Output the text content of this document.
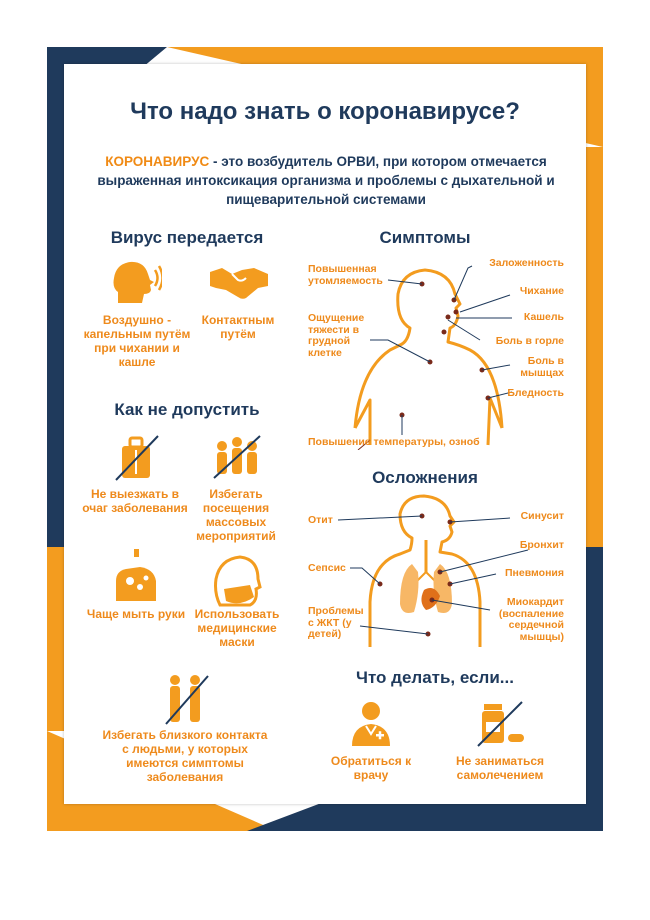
Что надо знать о коронавирусе?
КОРОНАВИРУС - это возбудитель ОРВИ, при котором отмечается выраженная интоксикация организма и проблемы с дыхательной и пищеварительной системами
Вирус передается
Воздушно - капельным путём при чихании и кашле
Контактным путём
Как не допустить
Не выезжать в очаг заболевания
Избегать посещения массовых мероприятий
Чаще мыть руки Использовать медицинские маски
Избегать близкого контакта с людьми, у которых имеются симптомы заболевания
Симптомы
Повышенная утомляемость
Ощущение тяжести в грудной клетке
Повышение температуры, озноб
Заложенность
Чихание
Кашель
Боль в горле
Боль в мышцах
Бледность
Осложнения
Отит
Сепсис
Проблемы с ЖКТ (у детей)
Синусит
Бронхит
Пневмония
Миокардит (воспаление сердечной мышцы)
Что делать, если...
Обратиться к врачу
Не заниматься самолечением
